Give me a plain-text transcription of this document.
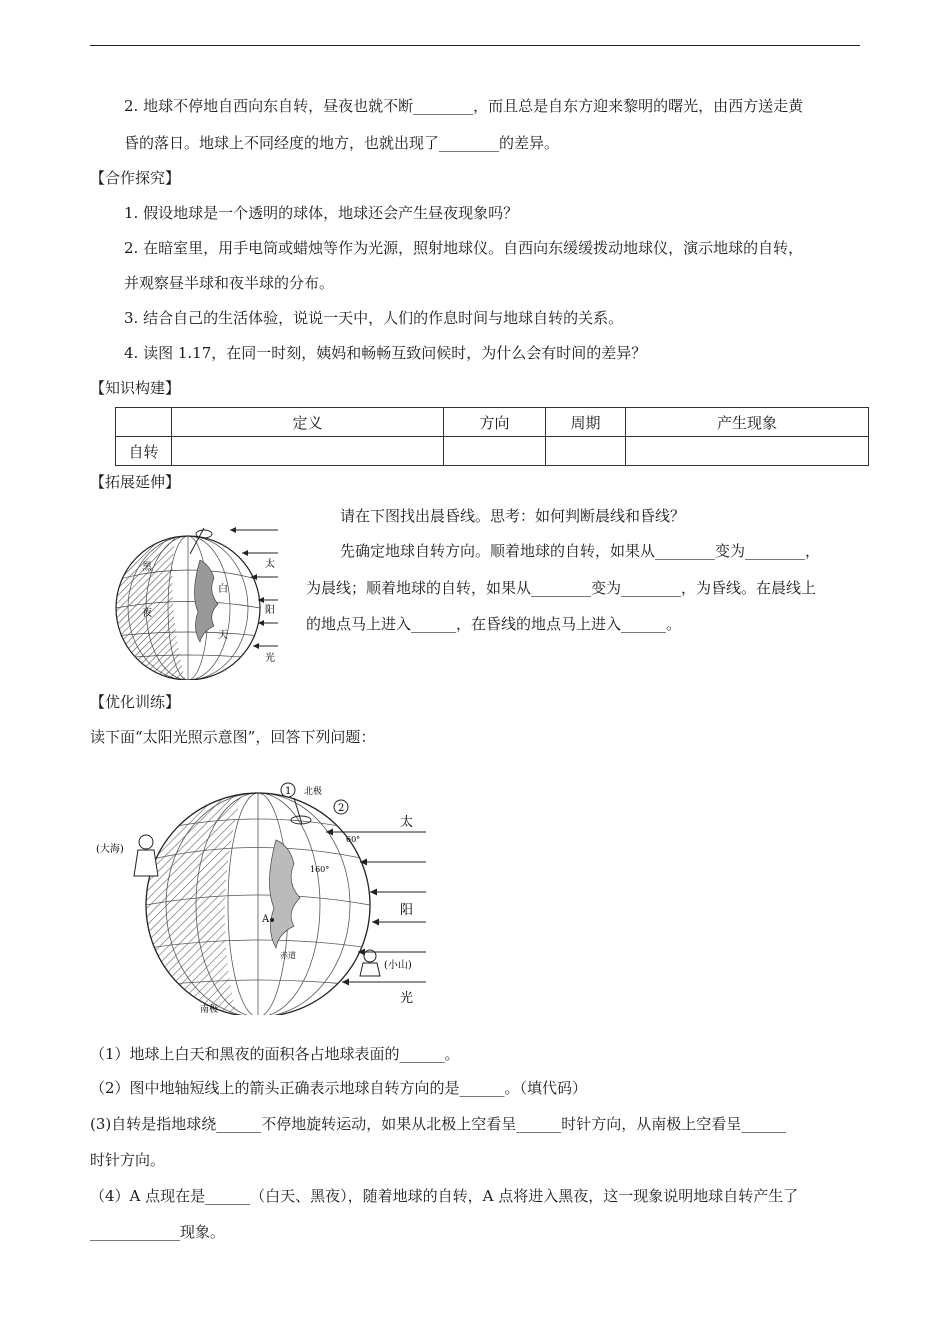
2. 地球不停地自西向东自转，昼夜也就不断________，而且总是自东方迎来黎明的曙光，由西方送走黄
昏的落日。地球上不同经度的地方，也就出现了________的差异。
【合作探究】
1. 假设地球是一个透明的球体，地球还会产生昼夜现象吗？
2. 在暗室里，用手电筒或蜡烛等作为光源，照射地球仪。自西向东缓缓拨动地球仪，演示地球的自转，
并观察昼半球和夜半球的分布。
3. 结合自己的生活体验，说说一天中，人们的作息时间与地球自转的关系。
4. 读图 1.17，在同一时刻，姨妈和畅畅互致问候时，为什么会有时间的差异？
【知识构建】
	定义	方向	周期	产生现象
自转				
【拓展延伸】
黑
夜
太
白
阳
天
光
请在下图找出晨昏线。思考：如何判断晨线和昏线？
先确定地球自转方向。顺着地球的自转，如果从________变为________，
为晨线；顺着地球的自转，如果从________变为________，为昏线。在晨线上
的地点马上进入______，在昏线的地点马上进入______。
【优化训练】
读下面“太阳光照示意图”，回答下列问题：
1
2
北极
60°
160°
A
赤道
南极
(大海)
(小山)
太
阳
光
（1）地球上白天和黑夜的面积各占地球表面的______。
（2）图中地轴短线上的箭头正确表示地球自转方向的是______。（填代码）
(3)自转是指地球绕______不停地旋转运动，如果从北极上空看呈______时针方向，从南极上空看呈______
时针方向。
（4）A 点现在是______（白天、黑夜），随着地球的自转，A 点将进入黑夜，这一现象说明地球自转产生了
____________现象。
